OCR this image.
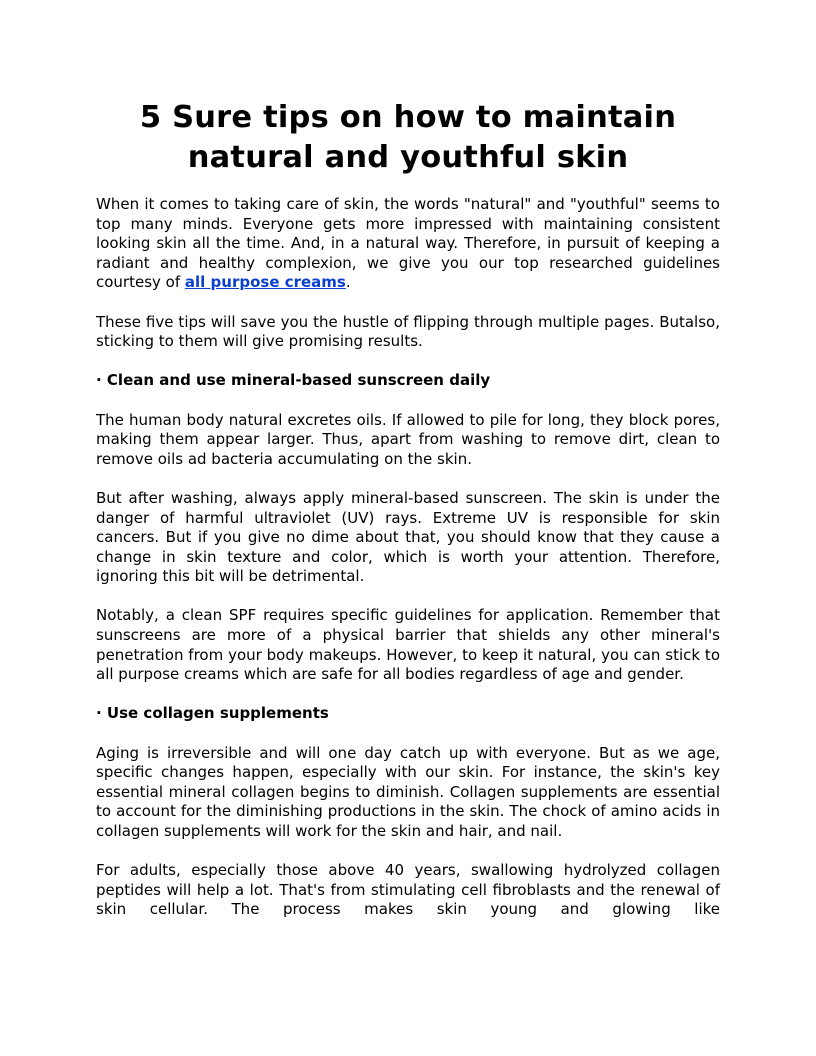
5 Sure tips on how to maintain natural and youthful skin

When it comes to taking care of skin, the words "natural" and "youthful" seems to top many minds. Everyone gets more impressed with maintaining consistent looking skin all the time. And, in a natural way. Therefore, in pursuit of keeping a radiant and healthy complexion, we give you our top researched guidelines courtesy of all purpose creams.

These five tips will save you the hustle of flipping through multiple pages. Butalso, sticking to them will give promising results.

· Clean and use mineral-based sunscreen daily

The human body natural excretes oils. If allowed to pile for long, they block pores, making them appear larger. Thus, apart from washing to remove dirt, clean to remove oils ad bacteria accumulating on the skin.

But after washing, always apply mineral-based sunscreen. The skin is under the danger of harmful ultraviolet (UV) rays. Extreme UV is responsible for skin cancers. But if you give no dime about that, you should know that they cause a change in skin texture and color, which is worth your attention. Therefore, ignoring this bit will be detrimental.

Notably, a clean SPF requires specific guidelines for application. Remember that sunscreens are more of a physical barrier that shields any other mineral's penetration from your body makeups. However, to keep it natural, you can stick to all purpose creams which are safe for all bodies regardless of age and gender.

· Use collagen supplements

Aging is irreversible and will one day catch up with everyone. But as we age, specific changes happen, especially with our skin. For instance, the skin's key essential mineral collagen begins to diminish. Collagen supplements are essential to account for the diminishing productions in the skin. The chock of amino acids in collagen supplements will work for the skin and hair, and nail.

For adults, especially those above 40 years, swallowing hydrolyzed collagen peptides will help a lot. That's from stimulating cell fibroblasts and the renewal of skin cellular. The process makes skin young and glowing like
